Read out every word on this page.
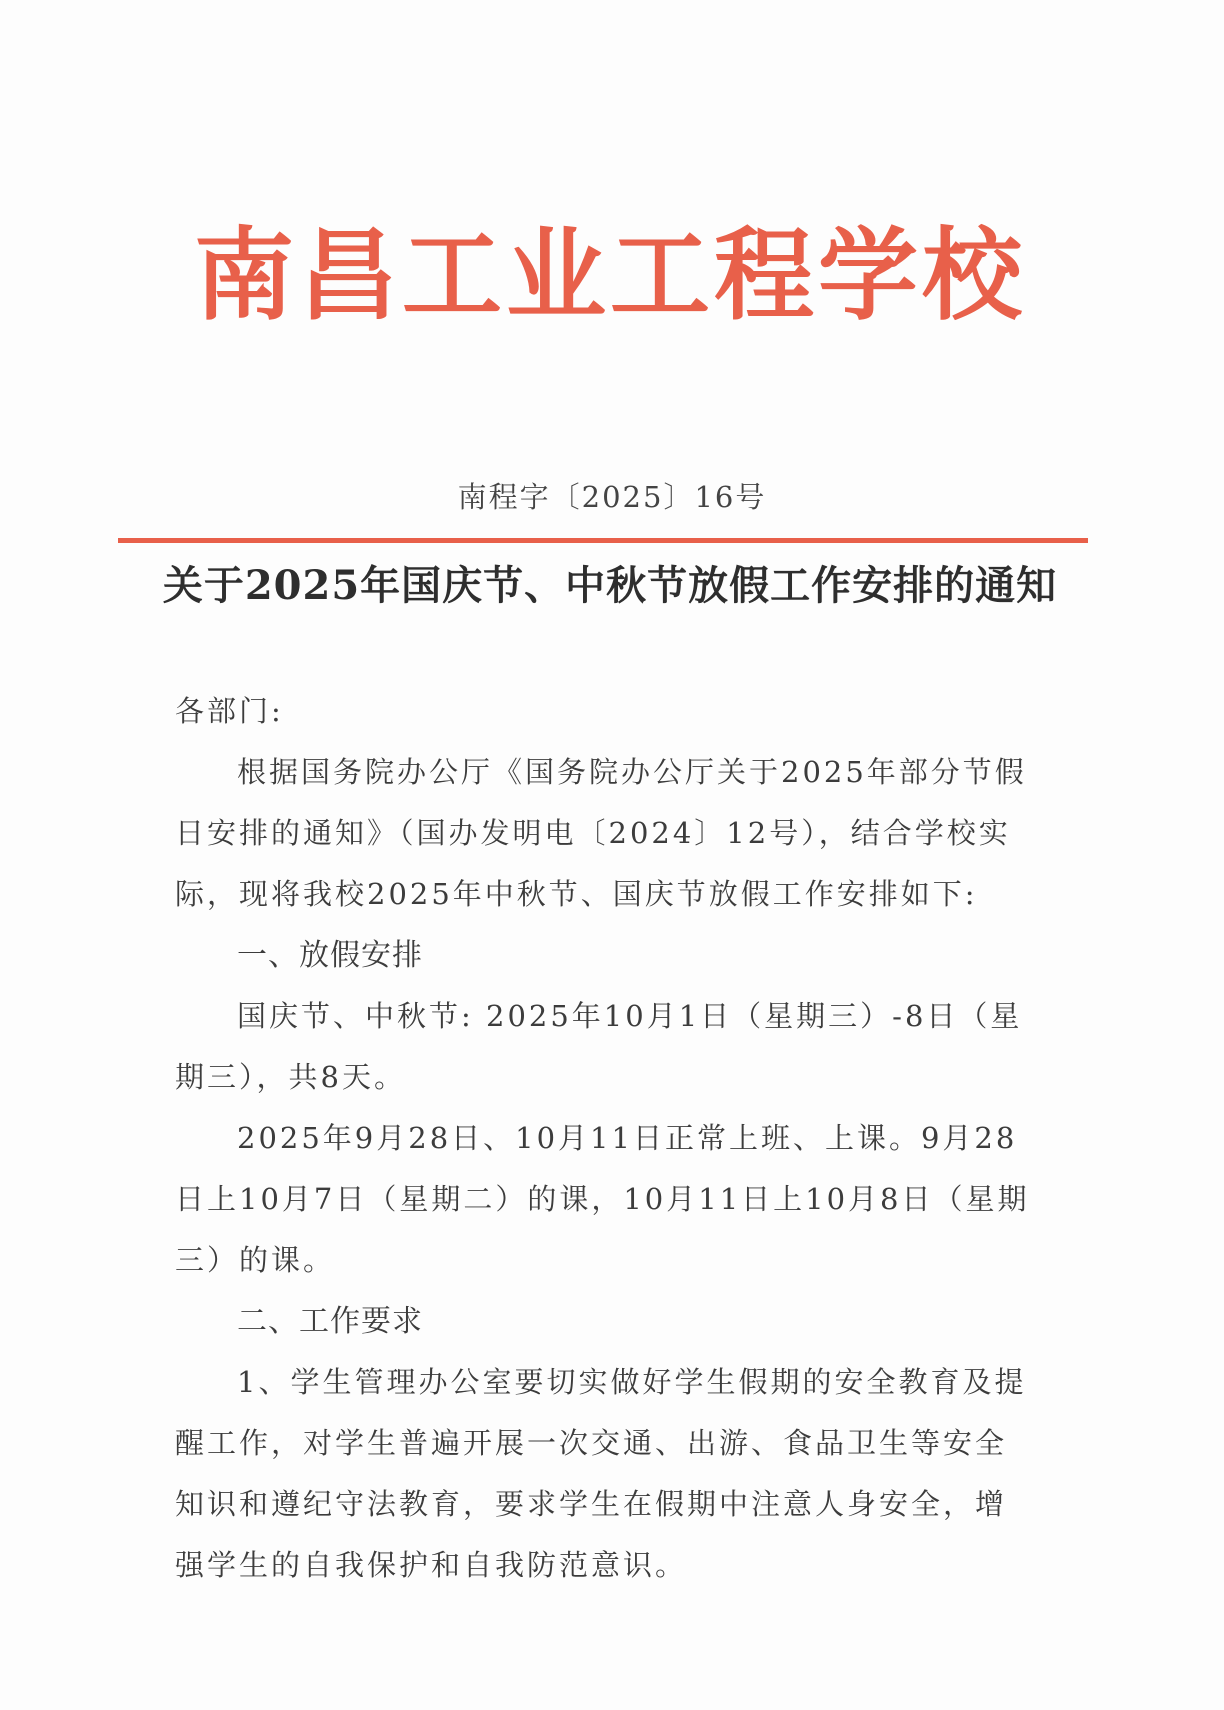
南昌工业工程学校
南程字〔2025〕16号
关于2025年国庆节、中秋节放假工作安排的通知

各部门:

根据国务院办公厅《国务院办公厅关于2025年部分节假日安排的通知》（国办发明电〔2024〕12号），结合学校实际，现将我校2025年中秋节、国庆节放假工作安排如下:

一、放假安排

国庆节、中秋节: 2025年10月1日（星期三）-8日（星期三），共8天。

2025年9月28日、10月11日正常上班、上课。9月28日上10月7日（星期二）的课，10月11日上10月8日（星期三）的课。

二、工作要求

1、学生管理办公室要切实做好学生假期的安全教育及提醒工作，对学生普遍开展一次交通、出游、食品卫生等安全知识和遵纪守法教育，要求学生在假期中注意人身安全，增强学生的自我保护和自我防范意识。
